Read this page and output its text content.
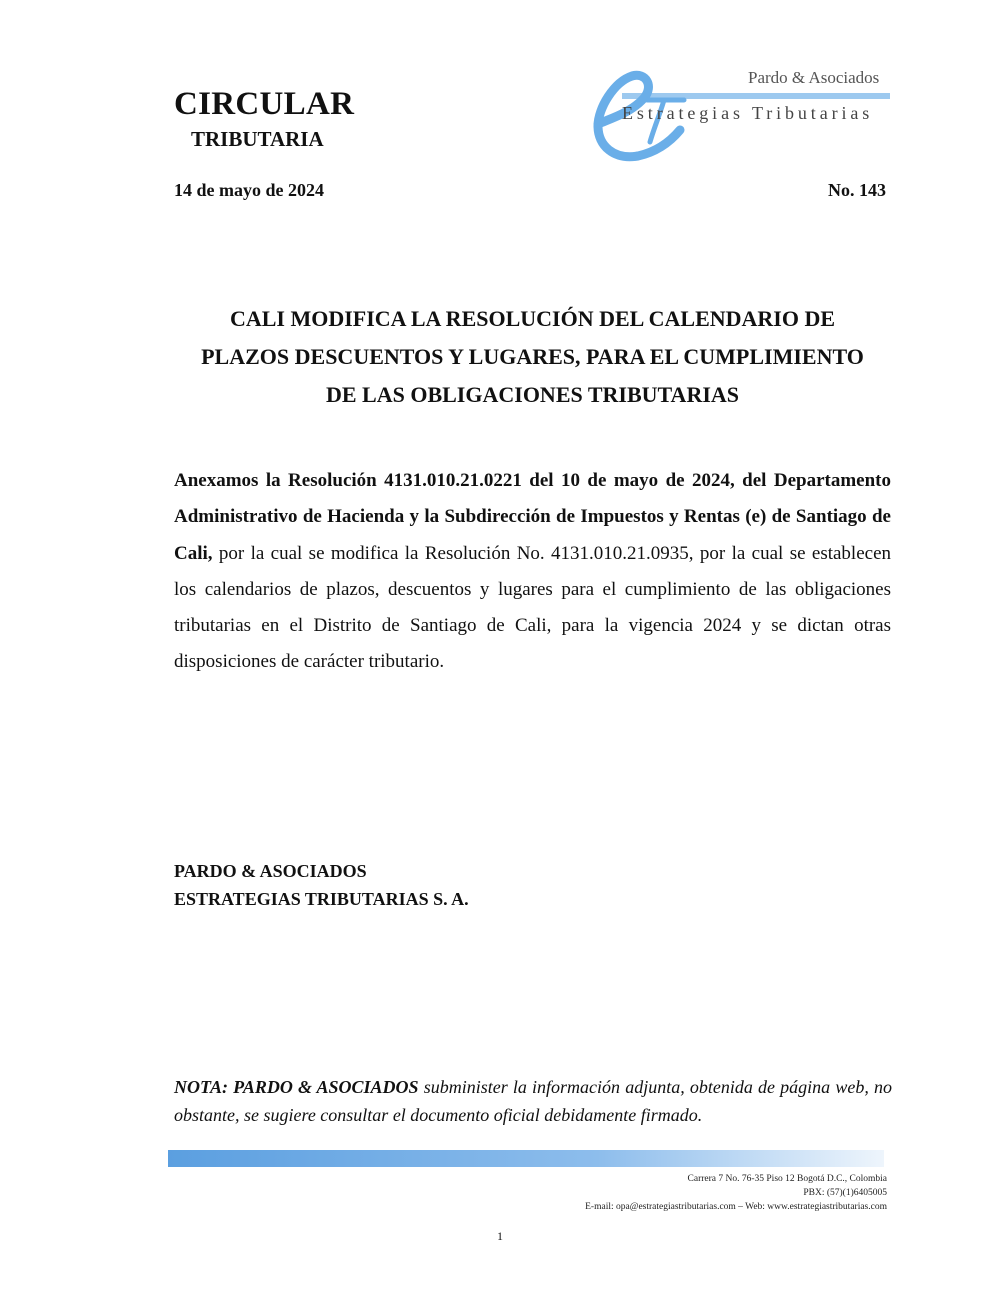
CIRCULAR
TRIBUTARIA
Pardo & Asociados
Estrategias Tributarias
14 de mayo de 2024	No. 143
CALI MODIFICA LA RESOLUCIÓN DEL CALENDARIO DE
PLAZOS DESCUENTOS Y LUGARES, PARA EL CUMPLIMIENTO
DE LAS OBLIGACIONES TRIBUTARIAS
Anexamos la Resolución 4131.010.21.0221 del 10 de mayo de 2024, del Departamento Administrativo de Hacienda y la Subdirección de Impuestos y Rentas (e) de Santiago de Cali, por la cual se modifica la Resolución No. 4131.010.21.0935, por la cual se establecen los calendarios de plazos, descuentos y lugares para el cumplimiento de las obligaciones tributarias en el Distrito de Santiago de Cali, para la vigencia 2024 y se dictan otras disposiciones de carácter tributario.
PARDO & ASOCIADOS
ESTRATEGIAS TRIBUTARIAS S. A.
NOTA: PARDO & ASOCIADOS subminister la información adjunta, obtenida de página web, no obstante, se sugiere consultar el documento oficial debidamente firmado.
Carrera 7 No. 76-35 Piso 12 Bogotá D.C., Colombia
PBX: (57)(1)6405005
E-mail: opa@estrategiastributarias.com – Web: www.estrategiastributarias.com
1
